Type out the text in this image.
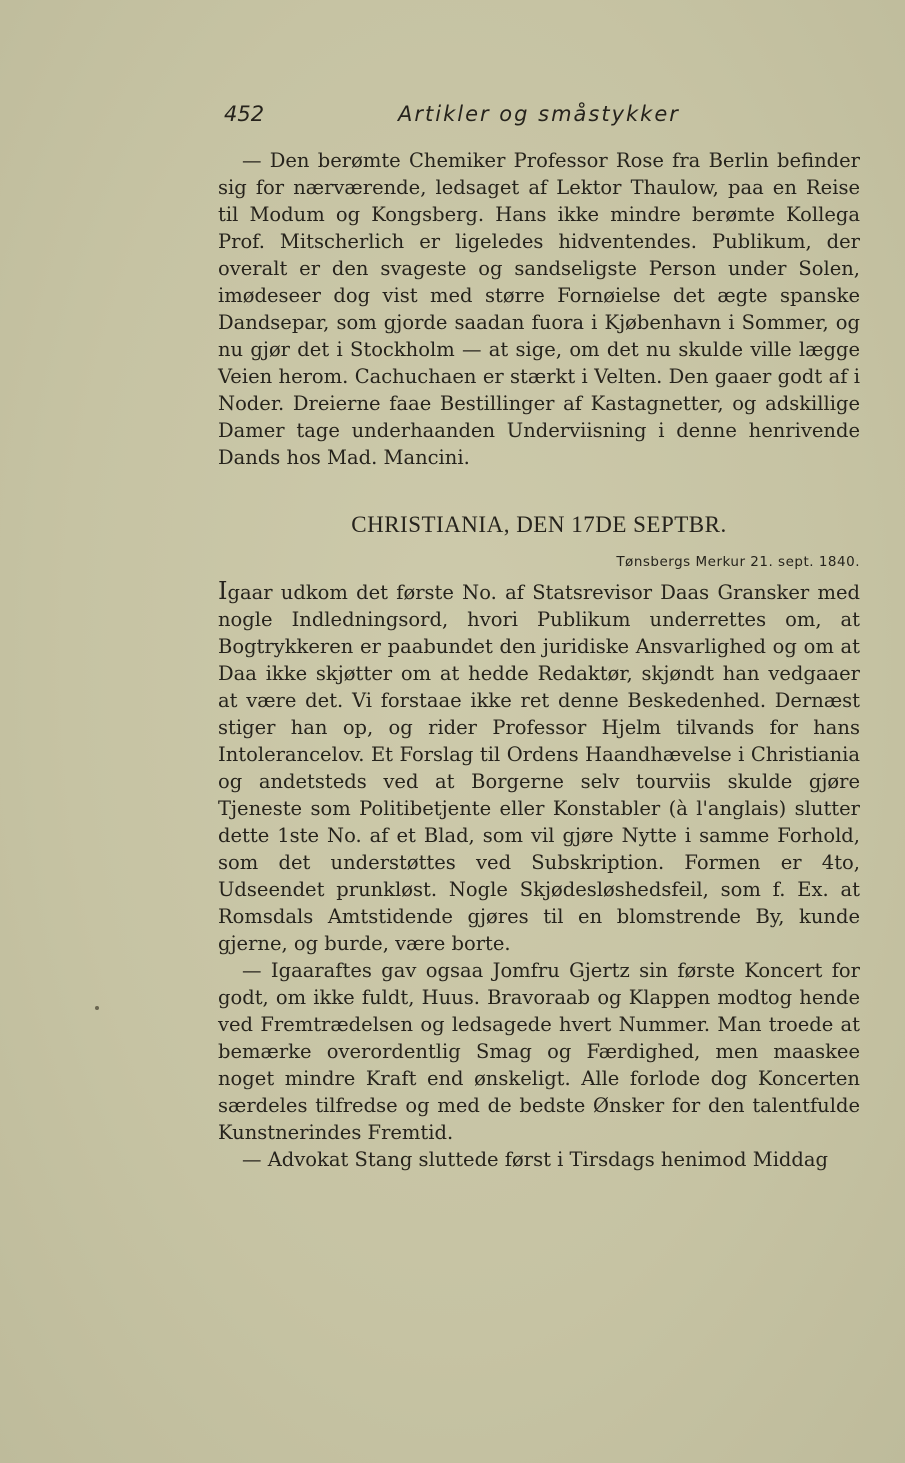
452	Artikler og småstykker

— Den berømte Chemiker Professor Rose fra Berlin befinder sig for nærværende, ledsaget af Lektor Thaulow, paa en Reise til Modum og Kongsberg. Hans ikke mindre berømte Kollega Prof. Mitscherlich er ligeledes hidventendes. Publikum, der overalt er den svageste og sandseligste Person under Solen, imødeseer dog vist med større Fornøielse det ægte spanske Dandsepar, som gjorde saadan fuora i Kjøbenhavn i Sommer, og nu gjør det i Stockholm — at sige, om det nu skulde ville lægge Veien herom. Cachuchaen er stærkt i Velten. Den gaaer godt af i Noder. Dreierne faae Bestillinger af Kastagnetter, og adskillige Damer tage underhaanden Underviisning i denne henrivende Dands hos Mad. Mancini.

CHRISTIANIA, DEN 17DE SEPTBR.
Tønsbergs Merkur 21. sept. 1840.

Igaar udkom det første No. af Statsrevisor Daas Gransker med nogle Indledningsord, hvori Publikum underrettes om, at Bogtrykkeren er paabundet den juridiske Ansvarlighed og om at Daa ikke skjøtter om at hedde Redaktør, skjøndt han vedgaaer at være det. Vi forstaae ikke ret denne Beskedenhed. Dernæst stiger han op, og rider Professor Hjelm tilvands for hans Intolerancelov. Et Forslag til Ordens Haandhævelse i Christiania og andetsteds ved at Borgerne selv tourviis skulde gjøre Tjeneste som Politibetjente eller Konstabler (à l'anglais) slutter dette 1ste No. af et Blad, som vil gjøre Nytte i samme Forhold, som det understøttes ved Subskription. Formen er 4to, Udseendet prunkløst. Nogle Skjødesløshedsfeil, som f. Ex. at Romsdals Amtstidende gjøres til en blomstrende By, kunde gjerne, og burde, være borte.

— Igaaraftes gav ogsaa Jomfru Gjertz sin første Koncert for godt, om ikke fuldt, Huus. Bravoraab og Klappen modtog hende ved Fremtrædelsen og ledsagede hvert Nummer. Man troede at bemærke overordentlig Smag og Færdighed, men maaskee noget mindre Kraft end ønskeligt. Alle forlode dog Koncerten særdeles tilfredse og med de bedste Ønsker for den talentfulde Kunstnerindes Fremtid.

— Advokat Stang sluttede først i Tirsdags henimod Middag
